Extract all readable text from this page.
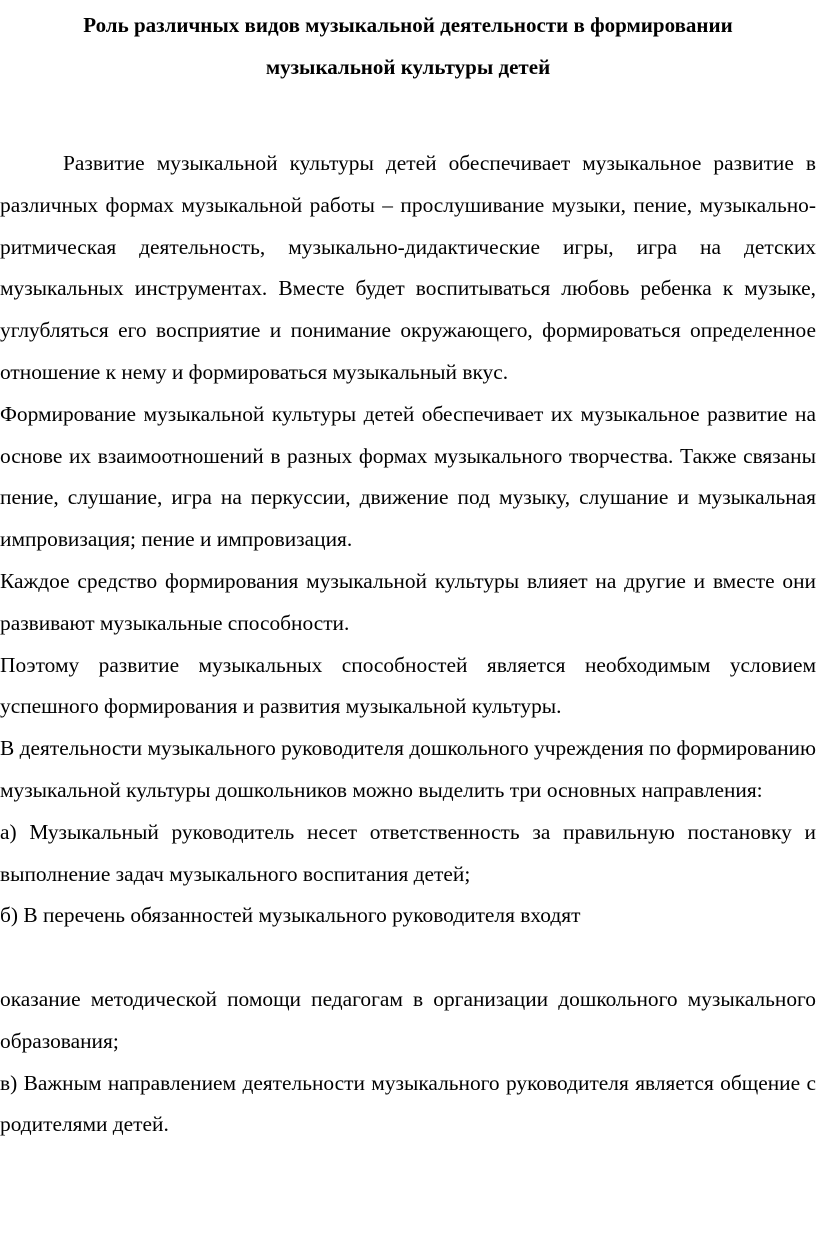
Роль различных видов музыкальной деятельности в формировании
музыкальной культуры детей

Развитие музыкальной культуры детей обеспечивает музыкальное развитие в различных формах музыкальной работы – прослушивание музыки, пение, музыкально-ритмическая деятельность, музыкально-дидактические игры, игра на детских музыкальных инструментах. Вместе будет воспитываться любовь ребенка к музыке, углубляться его восприятие и понимание окружающего, формироваться определенное отношение к нему и формироваться музыкальный вкус.

Формирование музыкальной культуры детей обеспечивает их музыкальное развитие на основе их взаимоотношений в разных формах музыкального творчества. Также связаны пение, слушание, игра на перкуссии, движение под музыку, слушание и музыкальная импровизация; пение и импровизация.

Каждое средство формирования музыкальной культуры влияет на другие и вместе они развивают музыкальные способности.

Поэтому развитие музыкальных способностей является необходимым условием успешного формирования и развития музыкальной культуры.

В деятельности музыкального руководителя дошкольного учреждения по формированию музыкальной культуры дошкольников можно выделить три основных направления:

а) Музыкальный руководитель несет ответственность за правильную постановку и выполнение задач музыкального воспитания детей;

б) В перечень обязанностей музыкального руководителя входят

оказание методической помощи педагогам в организации дошкольного музыкального образования;

в) Важным направлением деятельности музыкального руководителя является общение с родителями детей.
